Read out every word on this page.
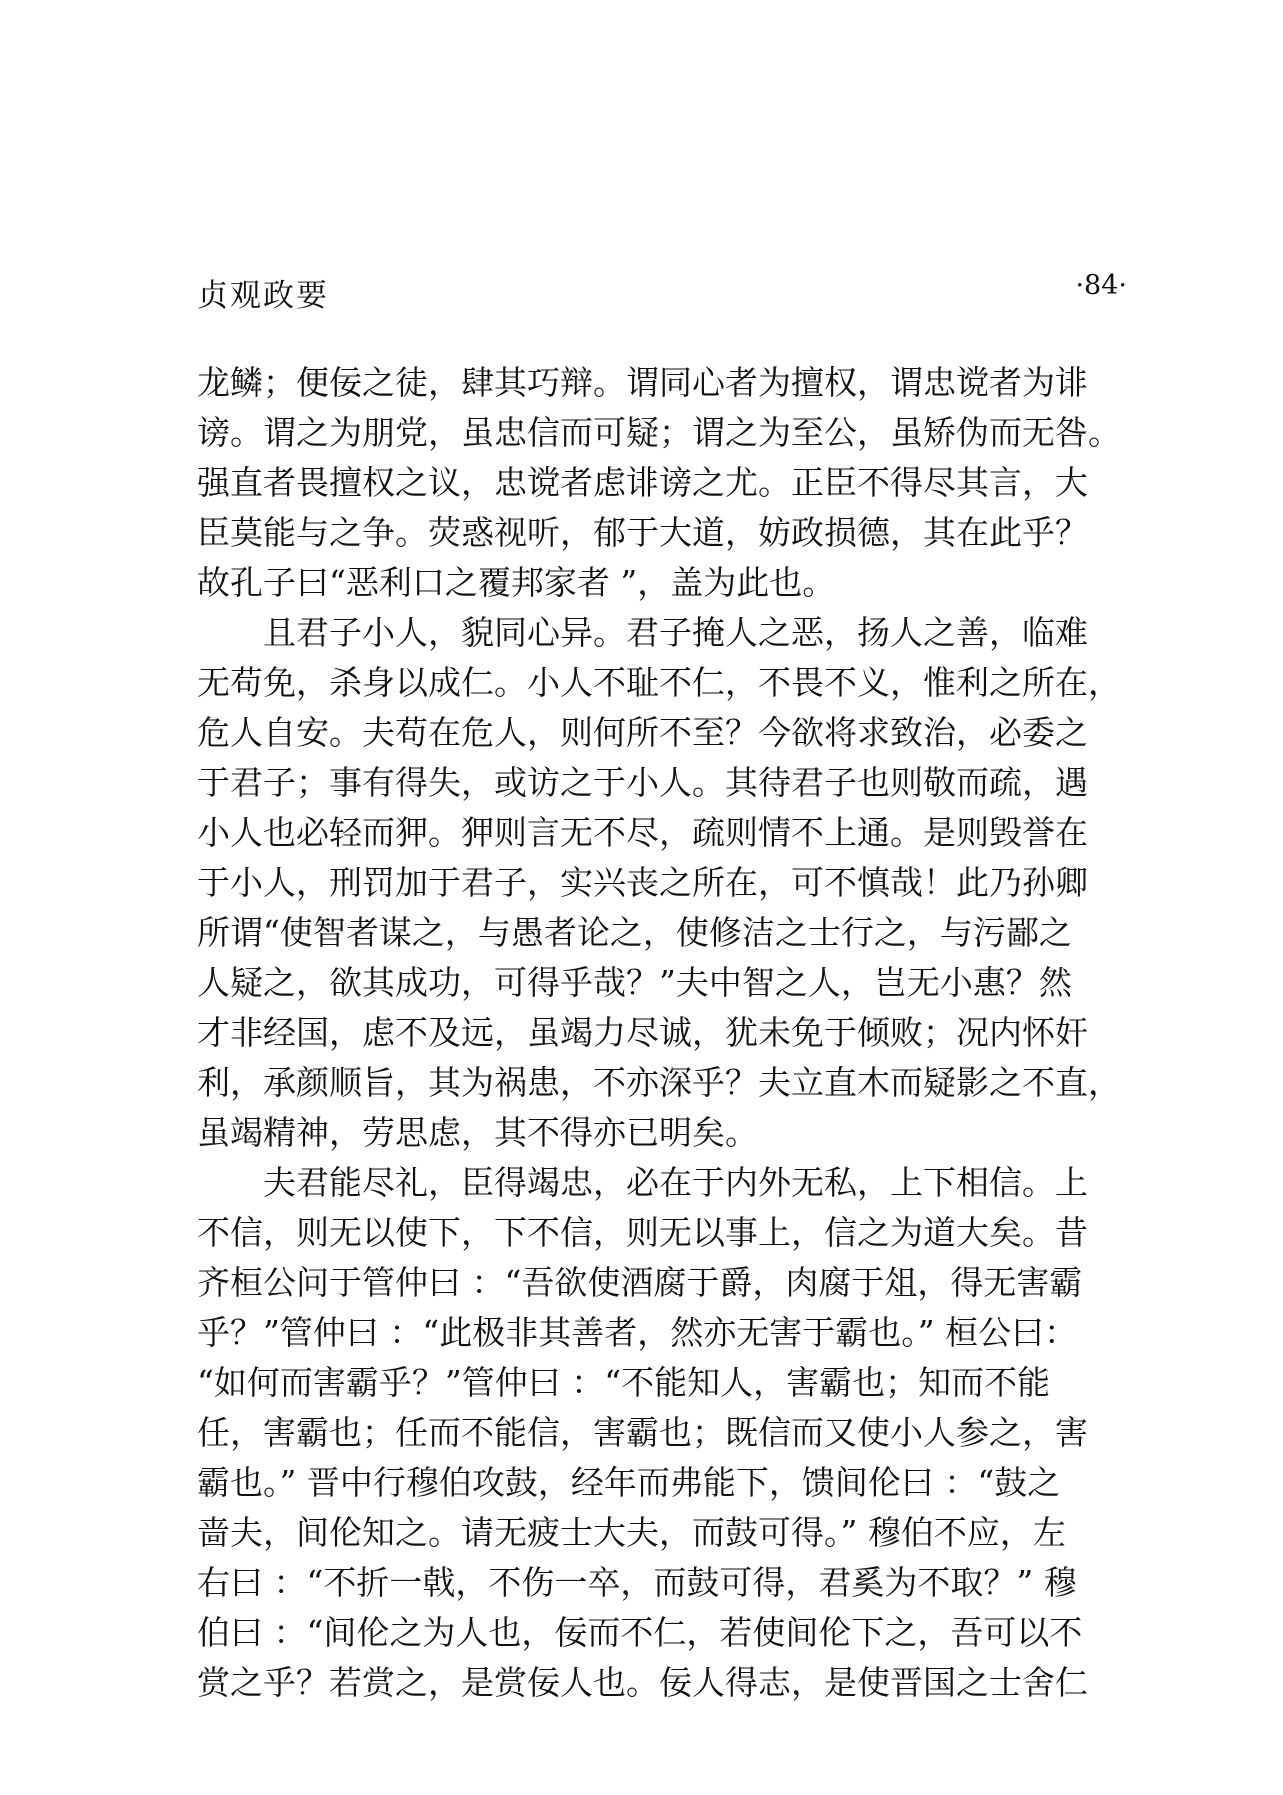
贞观政要	·84·
龙鳞；便佞之徒，肆其巧辩。谓同心者为擅权，谓忠谠者为诽
谤。谓之为朋党，虽忠信而可疑；谓之为至公，虽矫伪而无咎。
强直者畏擅权之议，忠谠者虑诽谤之尤。正臣不得尽其言，大
臣莫能与之争。荧惑视听，郁于大道，妨政损德，其在此乎？
故孔子曰“恶利口之覆邦家者 ”，盖为此也。
　　且君子小人，貌同心异。君子掩人之恶，扬人之善，临难
无苟免，杀身以成仁。小人不耻不仁，不畏不义，惟利之所在，
危人自安。夫苟在危人，则何所不至？今欲将求致治，必委之
于君子；事有得失，或访之于小人。其待君子也则敬而疏，遇
小人也必轻而狎。狎则言无不尽，疏则情不上通。是则毁誉在
于小人，刑罚加于君子，实兴丧之所在，可不慎哉！此乃孙卿
所谓“使智者谋之，与愚者论之，使修洁之士行之，与污鄙之
人疑之，欲其成功，可得乎哉？”夫中智之人，岂无小惠？然
才非经国，虑不及远，虽竭力尽诚，犹未免于倾败；况内怀奸
利，承颜顺旨，其为祸患，不亦深乎？夫立直木而疑影之不直，
虽竭精神，劳思虑，其不得亦已明矣。
　　夫君能尽礼，臣得竭忠，必在于内外无私，上下相信。上
不信，则无以使下，下不信，则无以事上，信之为道大矣。昔
齐桓公问于管仲曰 ：“吾欲使酒腐于爵，肉腐于俎，得无害霸
乎？”管仲曰 ：“此极非其善者，然亦无害于霸也。” 桓公曰：
“如何而害霸乎？”管仲曰 ：“不能知人，害霸也；知而不能
任，害霸也；任而不能信，害霸也；既信而又使小人参之，害
霸也。” 晋中行穆伯攻鼓，经年而弗能下，馈间伦曰 ：“鼓之
啬夫，间伦知之。请无疲士大夫，而鼓可得。” 穆伯不应，左
右曰 ：“不折一戟，不伤一卒，而鼓可得，君奚为不取？” 穆
伯曰 ：“间伦之为人也，佞而不仁，若使间伦下之，吾可以不
赏之乎？若赏之，是赏佞人也。佞人得志，是使晋国之士舍仁
